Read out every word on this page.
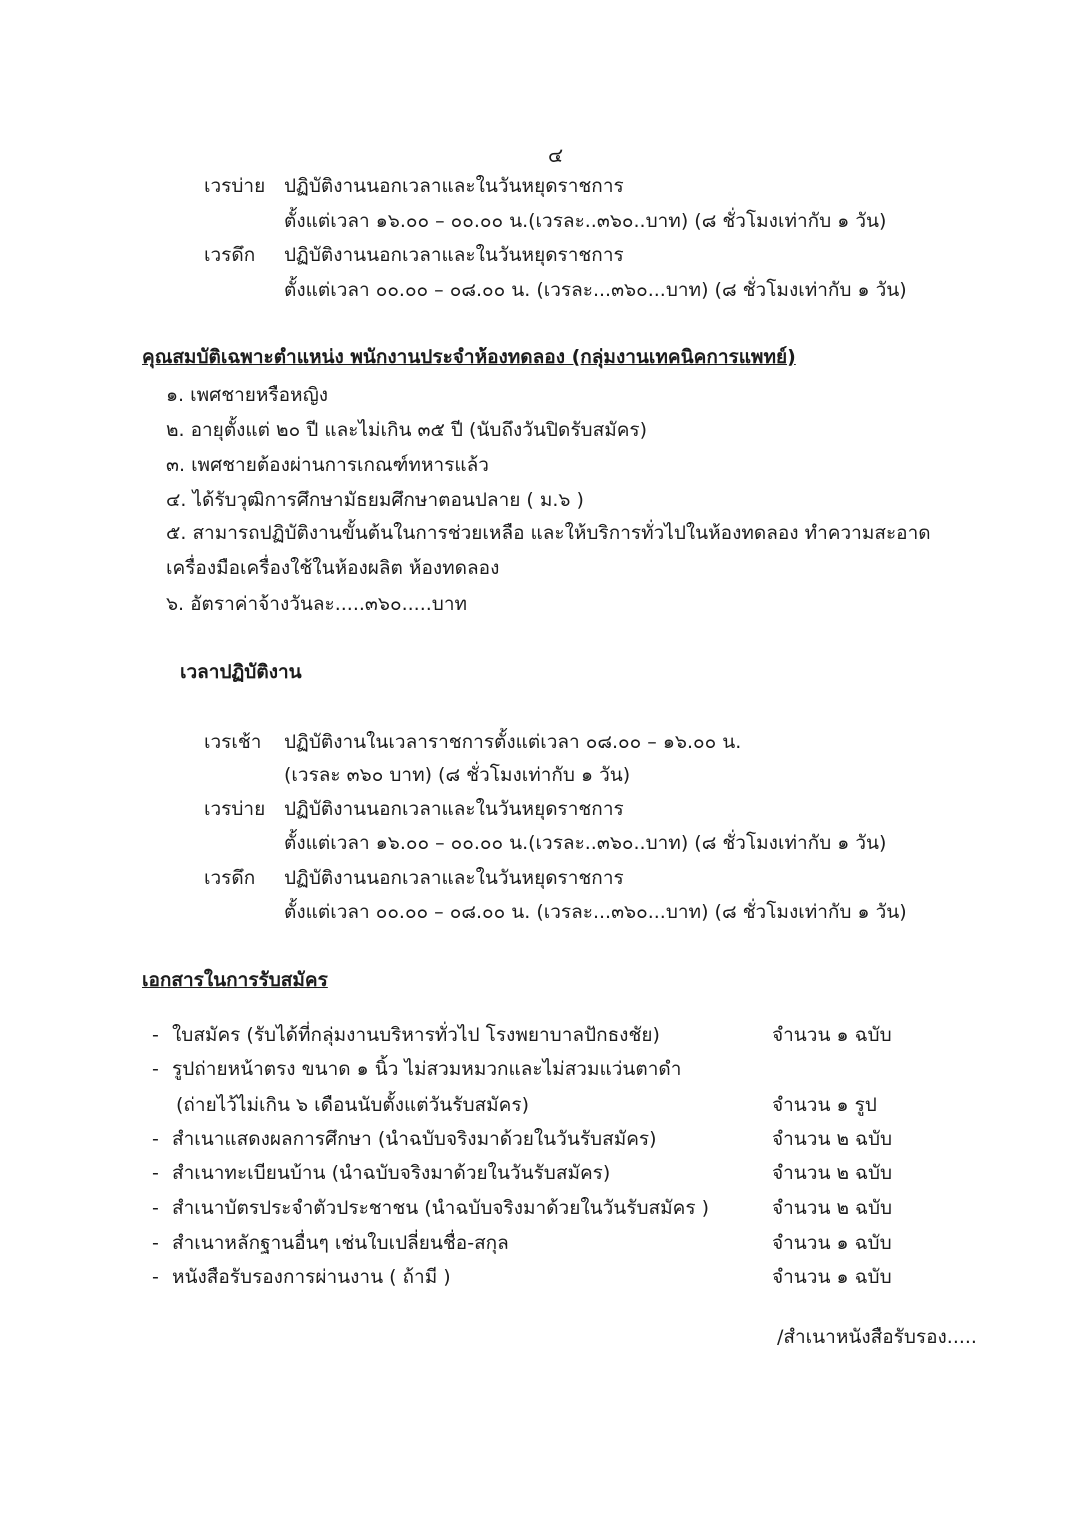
๔
เวรบ่าย ปฏิบัติงานนอกเวลาและในวันหยุดราชการ
ตั้งแต่เวลา ๑๖.๐๐ – ๐๐.๐๐ น.(เวรละ..๓๖๐..บาท) (๘ ชั่วโมงเท่ากับ ๑ วัน)
เวรดึก ปฏิบัติงานนอกเวลาและในวันหยุดราชการ
ตั้งแต่เวลา ๐๐.๐๐ – ๐๘.๐๐ น. (เวรละ...๓๖๐...บาท) (๘ ชั่วโมงเท่ากับ ๑ วัน)
คุณสมบัติเฉพาะตำแหน่ง พนักงานประจำห้องทดลอง (กลุ่มงานเทคนิคการแพทย์)
๑. เพศชายหรือหญิง
๒. อายุตั้งแต่ ๒๐ ปี และไม่เกิน ๓๕ ปี (นับถึงวันปิดรับสมัคร)
๓. เพศชายต้องผ่านการเกณฑ์ทหารแล้ว
๔. ได้รับวุฒิการศึกษามัธยมศึกษาตอนปลาย ( ม.๖ )
๕. สามารถปฏิบัติงานขั้นต้นในการช่วยเหลือ และให้บริการทั่วไปในห้องทดลอง ทำความสะอาด
เครื่องมือเครื่องใช้ในห้องผลิต ห้องทดลอง
๖. อัตราค่าจ้างวันละ.....๓๖๐.....บาท
เวลาปฏิบัติงาน
เวรเช้า ปฏิบัติงานในเวลาราชการตั้งแต่เวลา ๐๘.๐๐ – ๑๖.๐๐ น.
(เวรละ ๓๖๐ บาท) (๘ ชั่วโมงเท่ากับ ๑ วัน)
เวรบ่าย ปฏิบัติงานนอกเวลาและในวันหยุดราชการ
ตั้งแต่เวลา ๑๖.๐๐ – ๐๐.๐๐ น.(เวรละ..๓๖๐..บาท) (๘ ชั่วโมงเท่ากับ ๑ วัน)
เวรดึก ปฏิบัติงานนอกเวลาและในวันหยุดราชการ
ตั้งแต่เวลา ๐๐.๐๐ – ๐๘.๐๐ น. (เวรละ...๓๖๐...บาท) (๘ ชั่วโมงเท่ากับ ๑ วัน)
เอกสารในการรับสมัคร
- ใบสมัคร (รับได้ที่กลุ่มงานบริหารทั่วไป โรงพยาบาลปักธงชัย)	จำนวน ๑ ฉบับ
- รูปถ่ายหน้าตรง ขนาด ๑ นิ้ว ไม่สวมหมวกและไม่สวมแว่นตาดำ
(ถ่ายไว้ไม่เกิน ๖ เดือนนับตั้งแต่วันรับสมัคร)	จำนวน ๑ รูป
- สำเนาแสดงผลการศึกษา (นำฉบับจริงมาด้วยในวันรับสมัคร)	จำนวน ๒ ฉบับ
- สำเนาทะเบียนบ้าน (นำฉบับจริงมาด้วยในวันรับสมัคร)	จำนวน ๒ ฉบับ
- สำเนาบัตรประจำตัวประชาชน (นำฉบับจริงมาด้วยในวันรับสมัคร )	จำนวน ๒ ฉบับ
- สำเนาหลักฐานอื่นๆ เช่นใบเปลี่ยนชื่อ-สกุล	จำนวน ๑ ฉบับ
- หนังสือรับรองการผ่านงาน ( ถ้ามี )	จำนวน ๑ ฉบับ
/สำเนาหนังสือรับรอง.....
